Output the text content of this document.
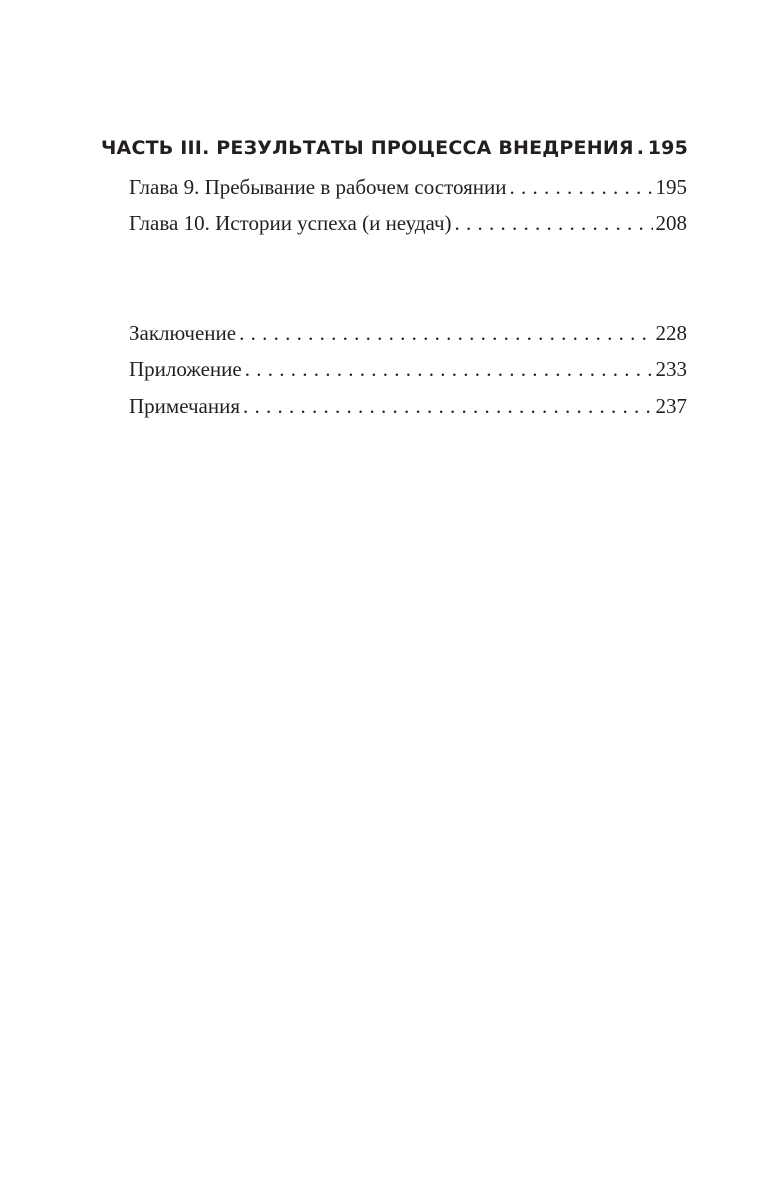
ЧАСТЬ III. РЕЗУЛЬТАТЫ ПРОЦЕССА ВНЕДРЕНИЯ . . . 195
Глава 9. Пребывание в рабочем состоянии . . .	195
Глава 10. Истории успеха (и неудач) . . .	208
Заключение . . .	228
Приложение . . .	233
Примечания . . .	237
